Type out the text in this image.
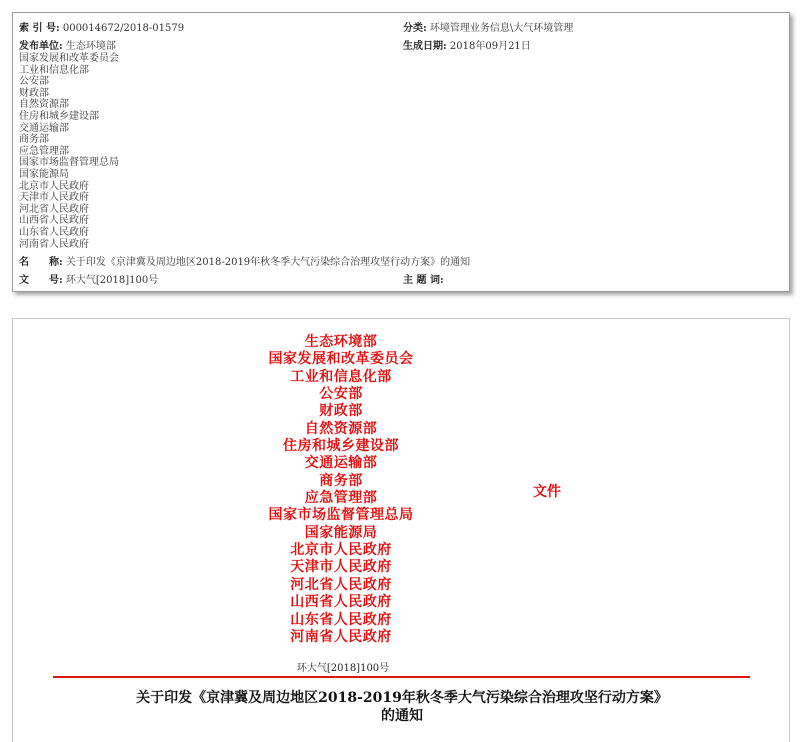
索 引 号: 000014672/2018-01579	分类: 环境管理业务信息\大气环境管理
发布单位: 生态环境部
国家发展和改革委员会
工业和信息化部
公安部
财政部
自然资源部
住房和城乡建设部
交通运输部
商务部
应急管理部
国家市场监督管理总局
国家能源局
北京市人民政府
天津市人民政府
河北省人民政府
山西省人民政府
山东省人民政府
河南省人民政府
生成日期: 2018年09月21日
名　　称: 关于印发《京津冀及周边地区2018-2019年秋冬季大气污染综合治理攻坚行动方案》的通知
文　　号: 环大气[2018]100号	主 题 词:
生态环境部
国家发展和改革委员会
工业和信息化部
公安部
财政部
自然资源部
住房和城乡建设部
交通运输部
商务部
应急管理部
国家市场监督管理总局
国家能源局
北京市人民政府
天津市人民政府
河北省人民政府
山西省人民政府
山东省人民政府
河南省人民政府
文件
环大气[2018]100号
关于印发《京津冀及周边地区2018-2019年秋冬季大气污染综合治理攻坚行动方案》
的通知
